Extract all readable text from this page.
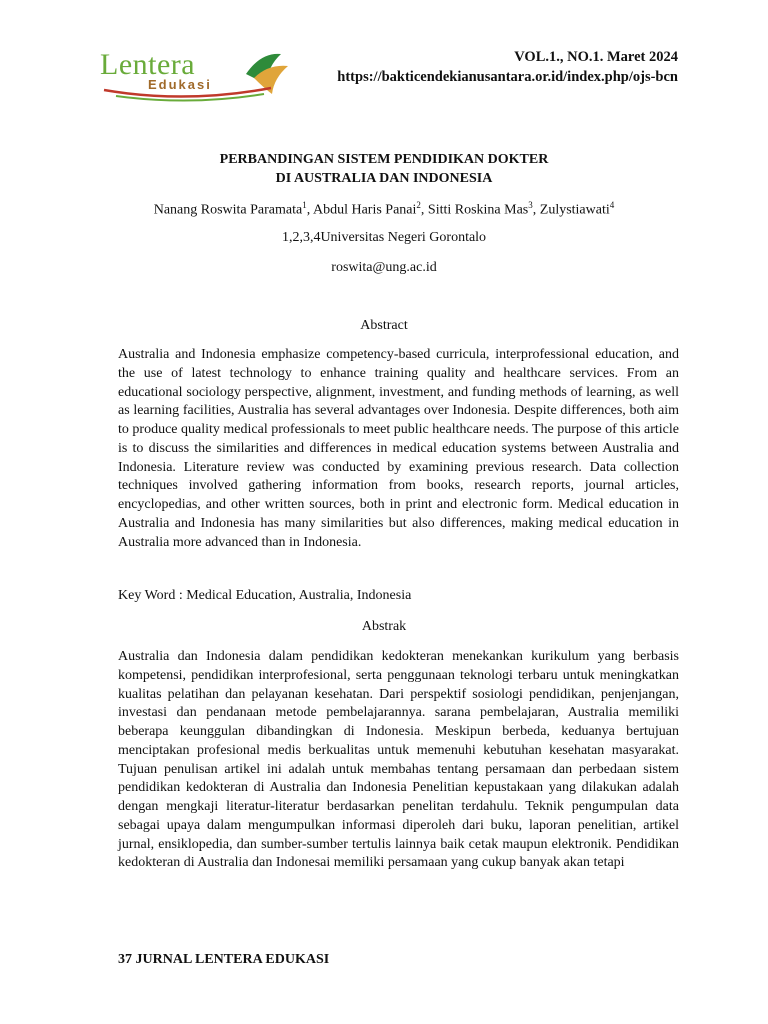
Lentera
Edukasi
VOL.1., NO.1. Maret 2024
https://bakticendekianusantara.or.id/index.php/ojs-bcn
PERBANDINGAN SISTEM PENDIDIKAN DOKTER
DI AUSTRALIA DAN INDONESIA
Nanang Roswita Paramata$^1$, Abdul Haris Panai$^2$, Sitti Roskina Mas$^3$, Zulystiawati$^4$
1,2,3,4Universitas Negeri Gorontalo
roswita@ung.ac.id
Abstract

Australia and Indonesia emphasize competency-based curricula, interprofessional education, and the use of latest technology to enhance training quality and healthcare services. From an educational sociology perspective, alignment, investment, and funding methods of learning, as well as learning facilities, Australia has several advantages over Indonesia. Despite differences, both aim to produce quality medical professionals to meet public healthcare needs. The purpose of this article is to discuss the similarities and differences in medical education systems between Australia and Indonesia. Literature review was conducted by examining previous research. Data collection techniques involved gathering information from books, research reports, journal articles, encyclopedias, and other written sources, both in print and electronic form. Medical education in Australia and Indonesia has many similarities but also differences, making medical education in Australia more advanced than in Indonesia.

Key Word : Medical Education, Australia, Indonesia
Abstrak

Australia dan Indonesia dalam pendidikan kedokteran menekankan kurikulum yang berbasis kompetensi, pendidikan interprofesional, serta penggunaan teknologi terbaru untuk meningkatkan kualitas pelatihan dan pelayanan kesehatan. Dari perspektif sosiologi pendidikan, penjenjangan, investasi dan pendanaan metode pembelajarannya. sarana pembelajaran, Australia memiliki beberapa keunggulan dibandingkan di Indonesia. Meskipun berbeda, keduanya bertujuan menciptakan profesional medis berkualitas untuk memenuhi kebutuhan kesehatan masyarakat. Tujuan penulisan artikel ini adalah untuk membahas tentang persamaan dan perbedaan sistem pendidikan kedokteran di Australia dan Indonesia Penelitian kepustakaan yang dilakukan adalah dengan mengkaji literatur-literatur berdasarkan penelitan terdahulu. Teknik pengumpulan data sebagai upaya dalam mengumpulkan informasi diperoleh dari buku, laporan penelitian, artikel jurnal, ensiklopedia, dan sumber-sumber tertulis lainnya baik cetak maupun elektronik. Pendidikan kedokteran di Australia dan Indonesai memiliki persamaan yang cukup banyak akan tetapi

37 JURNAL LENTERA EDUKASI
